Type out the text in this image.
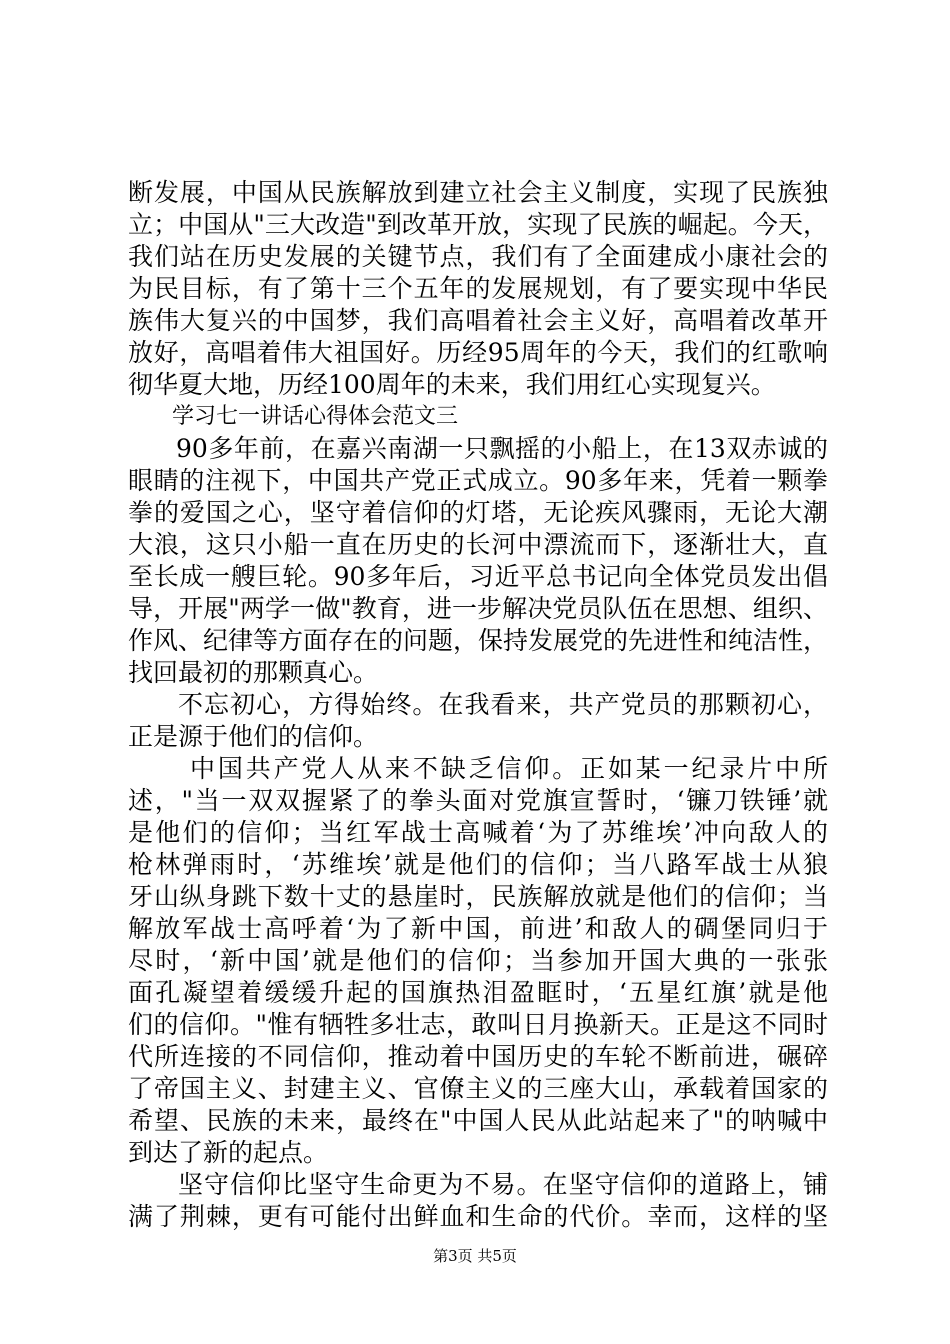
断发展，中国从民族解放到建立社会主义制度，实现了民族独
立；中国从"三大改造"到改革开放，实现了民族的崛起。今天，
我们站在历史发展的关键节点，我们有了全面建成小康社会的
为民目标，有了第十三个五年的发展规划，有了要实现中华民
族伟大复兴的中国梦，我们高唱着社会主义好，高唱着改革开
放好，高唱着伟大祖国好。历经95周年的今天，我们的红歌响
彻华夏大地，历经100周年的未来，我们用红心实现复兴。
学习七一讲话心得体会范文三
90多年前，在嘉兴南湖一只飘摇的小船上，在13双赤诚的
眼睛的注视下，中国共产党正式成立。90多年来，凭着一颗拳
拳的爱国之心，坚守着信仰的灯塔，无论疾风骤雨，无论大潮
大浪，这只小船一直在历史的长河中漂流而下，逐渐壮大，直
至长成一艘巨轮。90多年后，习近平总书记向全体党员发出倡
导，开展"两学一做"教育，进一步解决党员队伍在思想、组织、
作风、纪律等方面存在的问题，保持发展党的先进性和纯洁性，
找回最初的那颗真心。
不忘初心，方得始终。在我看来，共产党员的那颗初心，
正是源于他们的信仰。
中国共产党人从来不缺乏信仰。正如某一纪录片中所
述，"当一双双握紧了的拳头面对党旗宣誓时，‘镰刀铁锤’就
是他们的信仰；当红军战士高喊着‘为了苏维埃’冲向敌人的
枪林弹雨时，‘苏维埃’就是他们的信仰；当八路军战士从狼
牙山纵身跳下数十丈的悬崖时，民族解放就是他们的信仰；当
解放军战士高呼着‘为了新中国，前进’和敌人的碉堡同归于
尽时，‘新中国’就是他们的信仰；当参加开国大典的一张张
面孔凝望着缓缓升起的国旗热泪盈眶时，‘五星红旗’就是他
们的信仰。"惟有牺牲多壮志，敢叫日月换新天。正是这不同时
代所连接的不同信仰，推动着中国历史的车轮不断前进，碾碎
了帝国主义、封建主义、官僚主义的三座大山，承载着国家的
希望、民族的未来，最终在"中国人民从此站起来了"的呐喊中
到达了新的起点。
坚守信仰比坚守生命更为不易。在坚守信仰的道路上，铺
满了荆棘，更有可能付出鲜血和生命的代价。幸而，这样的坚
第3页 共5页
